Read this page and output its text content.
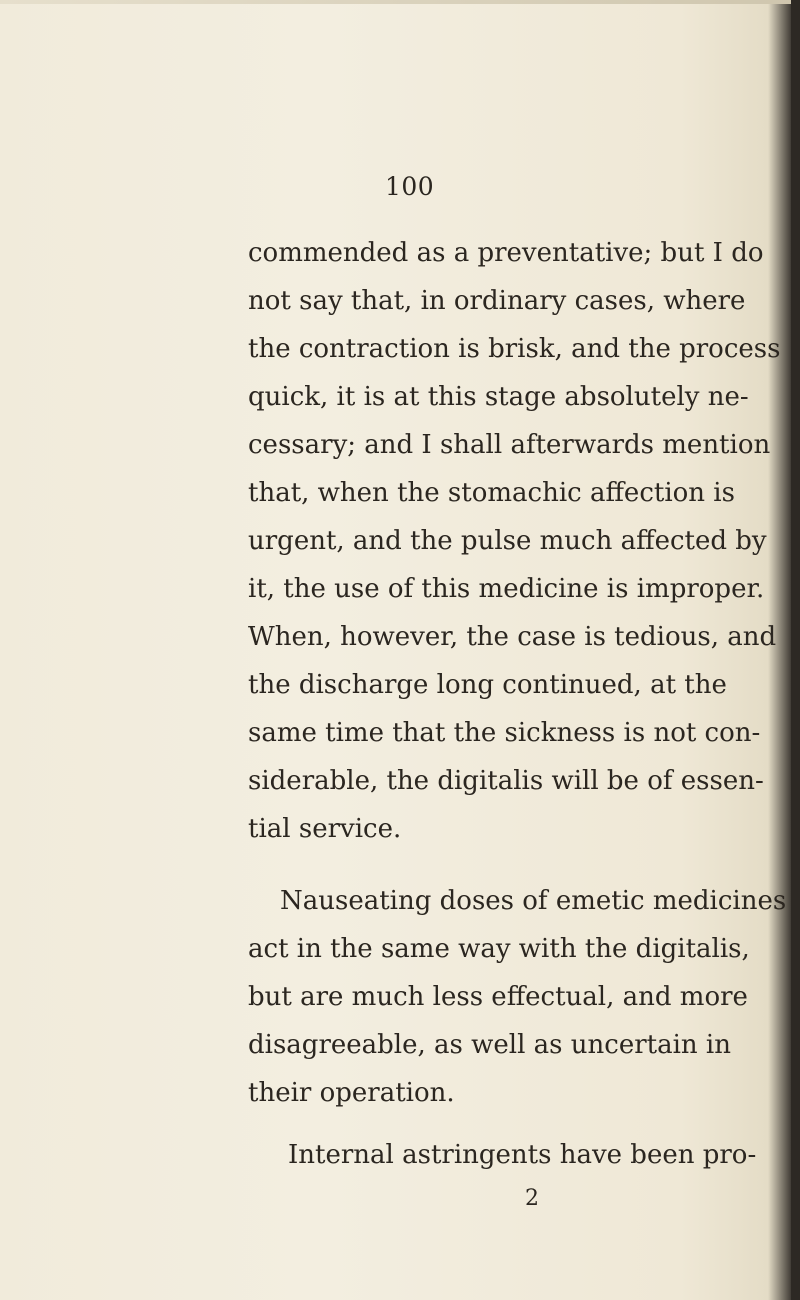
100
commended as a preventative; but I do
not say that, in ordinary cases, where
the contraction is brisk, and the process
quick, it is at this stage absolutely ne-
cessary; and I shall afterwards mention
that, when the stomachic affection is
urgent, and the pulse much affected by
it, the use of this medicine is improper.
When, however, the case is tedious, and
the discharge long continued, at the
same time that the sickness is not con-
siderable, the digitalis will be of essen-
tial service.
Nauseating doses of emetic medicines
act in the same way with the digitalis,
but are much less effectual, and more
disagreeable, as well as uncertain in
their operation.
Internal astringents have been pro-
2
